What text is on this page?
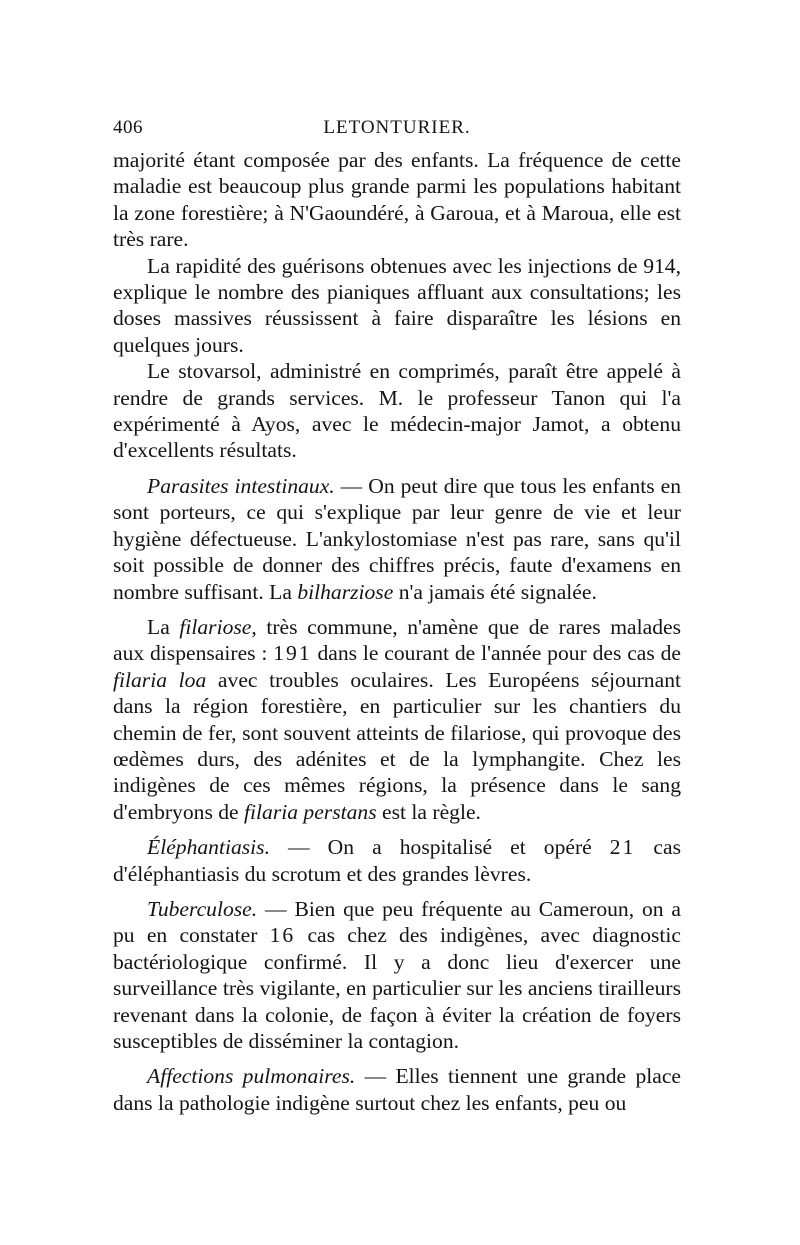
406	LETONTURIER.

majorité étant composée par des enfants. La fréquence de cette maladie est beaucoup plus grande parmi les populations habitant la zone forestière; à N'Gaoundéré, à Garoua, et à Maroua, elle est très rare.

La rapidité des guérisons obtenues avec les injections de 914, explique le nombre des pianiques affluant aux consultations; les doses massives réussissent à faire disparaître les lésions en quelques jours.

Le stovarsol, administré en comprimés, paraît être appelé à rendre de grands services. M. le professeur Tanon qui l'a expérimenté à Ayos, avec le médecin-major Jamot, a obtenu d'excellents résultats.

Parasites intestinaux. — On peut dire que tous les enfants en sont porteurs, ce qui s'explique par leur genre de vie et leur hygiène défectueuse. L'ankylostomiase n'est pas rare, sans qu'il soit possible de donner des chiffres précis, faute d'examens en nombre suffisant. La bilharziose n'a jamais été signalée.

La filariose, très commune, n'amène que de rares malades aux dispensaires : 191 dans le courant de l'année pour des cas de filaria loa avec troubles oculaires. Les Européens séjournant dans la région forestière, en particulier sur les chantiers du chemin de fer, sont souvent atteints de filariose, qui provoque des œdèmes durs, des adénites et de la lymphangite. Chez les indigènes de ces mêmes régions, la présence dans le sang d'embryons de filaria perstans est la règle.

Éléphantiasis. — On a hospitalisé et opéré 21 cas d'éléphantiasis du scrotum et des grandes lèvres.

Tuberculose. — Bien que peu fréquente au Cameroun, on a pu en constater 16 cas chez des indigènes, avec diagnostic bactériologique confirmé. Il y a donc lieu d'exercer une surveillance très vigilante, en particulier sur les anciens tirailleurs revenant dans la colonie, de façon à éviter la création de foyers susceptibles de disséminer la contagion.

Affections pulmonaires. — Elles tiennent une grande place dans la pathologie indigène surtout chez les enfants, peu ou
